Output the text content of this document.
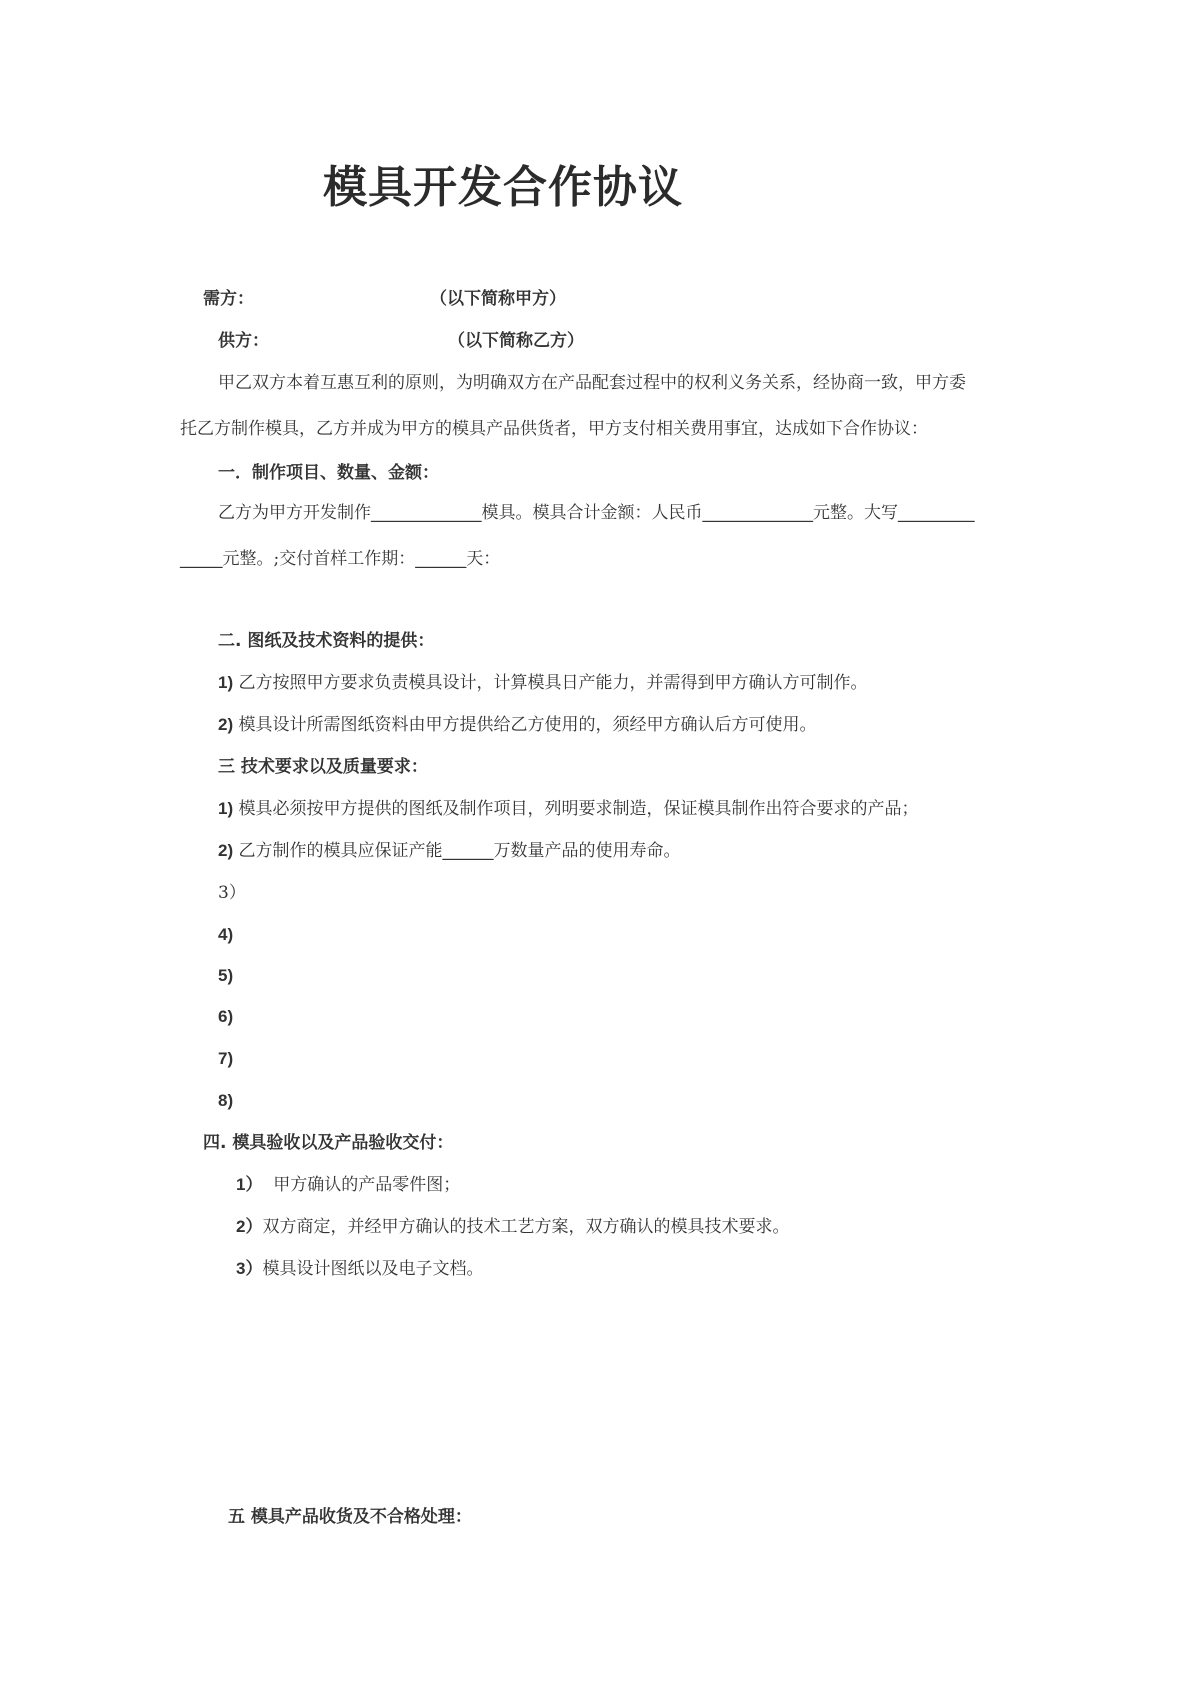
模具开发合作协议
需方：	（以下简称甲方）
供方：	（以下简称乙方）
甲乙双方本着互惠互利的原则，为明确双方在产品配套过程中的权利义务关系，经协商一致，甲方委
托乙方制作模具，乙方并成为甲方的模具产品供货者，甲方支付相关费用事宜，达成如下合作协议：
一．制作项目、数量、金额：
乙方为甲方开发制作_____________模具。模具合计金额：人民币_____________元整。大写_________
_____元整。;交付首样工作期：______天：
二. 图纸及技术资料的提供：
1) 乙方按照甲方要求负责模具设计，计算模具日产能力，并需得到甲方确认方可制作。
2) 模具设计所需图纸资料由甲方提供给乙方使用的，须经甲方确认后方可使用。
三 技术要求以及质量要求：
1) 模具必须按甲方提供的图纸及制作项目，列明要求制造，保证模具制作出符合要求的产品；
2) 乙方制作的模具应保证产能______万数量产品的使用寿命。
3）
4)
5)
6)
7)
8)
四. 模具验收以及产品验收交付：
1） 甲方确认的产品零件图；
2）双方商定，并经甲方确认的技术工艺方案，双方确认的模具技术要求。
3）模具设计图纸以及电子文档。
五 模具产品收货及不合格处理：
